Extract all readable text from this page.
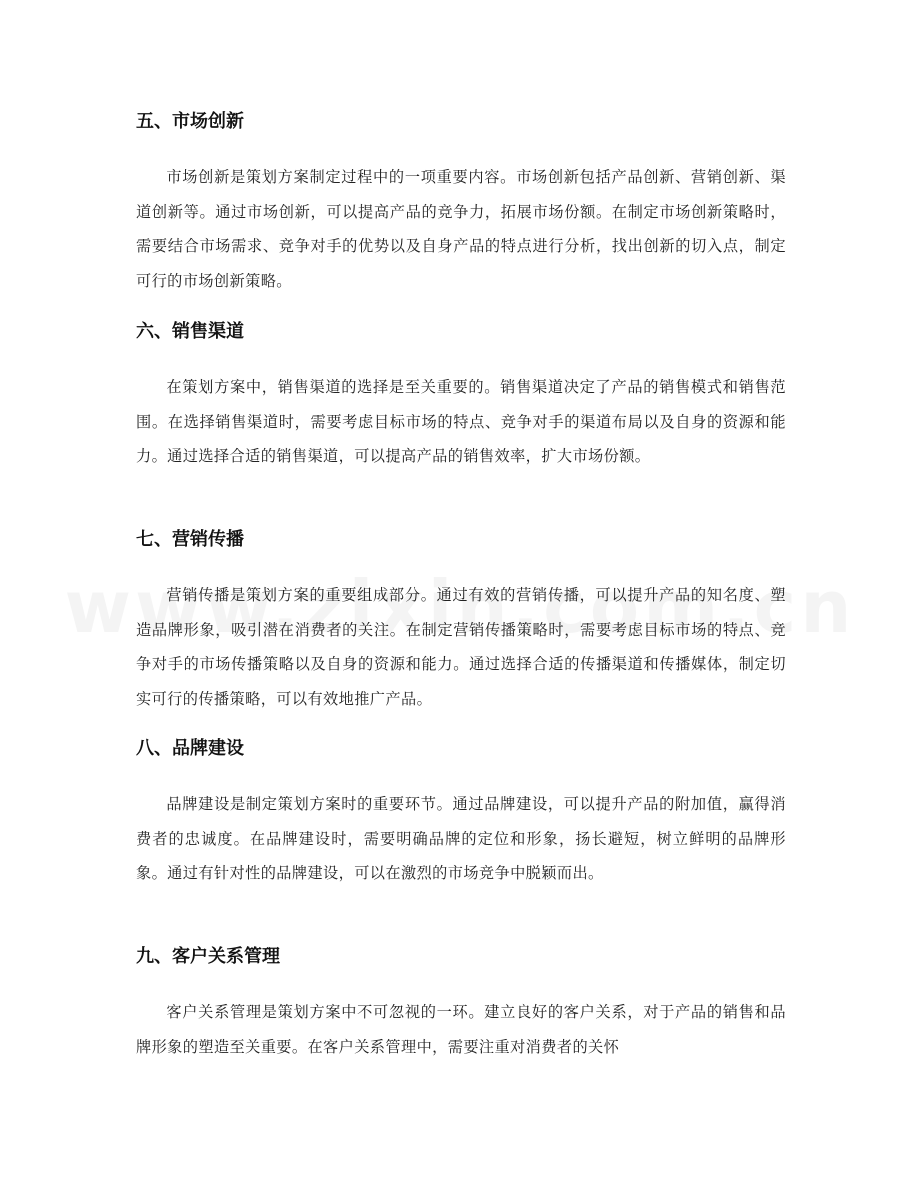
五、市场创新

市场创新是策划方案制定过程中的一项重要内容。市场创新包括产品创新、营销创新、渠道创新等。通过市场创新，可以提高产品的竞争力，拓展市场份额。在制定市场创新策略时，需要结合市场需求、竞争对手的优势以及自身产品的特点进行分析，找出创新的切入点，制定可行的市场创新策略。

六、销售渠道

在策划方案中，销售渠道的选择是至关重要的。销售渠道决定了产品的销售模式和销售范围。在选择销售渠道时，需要考虑目标市场的特点、竞争对手的渠道布局以及自身的资源和能力。通过选择合适的销售渠道，可以提高产品的销售效率，扩大市场份额。

七、营销传播

营销传播是策划方案的重要组成部分。通过有效的营销传播，可以提升产品的知名度、塑造品牌形象，吸引潜在消费者的关注。在制定营销传播策略时，需要考虑目标市场的特点、竞争对手的市场传播策略以及自身的资源和能力。通过选择合适的传播渠道和传播媒体，制定切实可行的传播策略，可以有效地推广产品。

八、品牌建设

品牌建设是制定策划方案时的重要环节。通过品牌建设，可以提升产品的附加值，赢得消费者的忠诚度。在品牌建设时，需要明确品牌的定位和形象，扬长避短，树立鲜明的品牌形象。通过有针对性的品牌建设，可以在激烈的市场竞争中脱颖而出。

九、客户关系管理

客户关系管理是策划方案中不可忽视的一环。建立良好的客户关系，对于产品的销售和品牌形象的塑造至关重要。在客户关系管理中，需要注重对消费者的关怀
